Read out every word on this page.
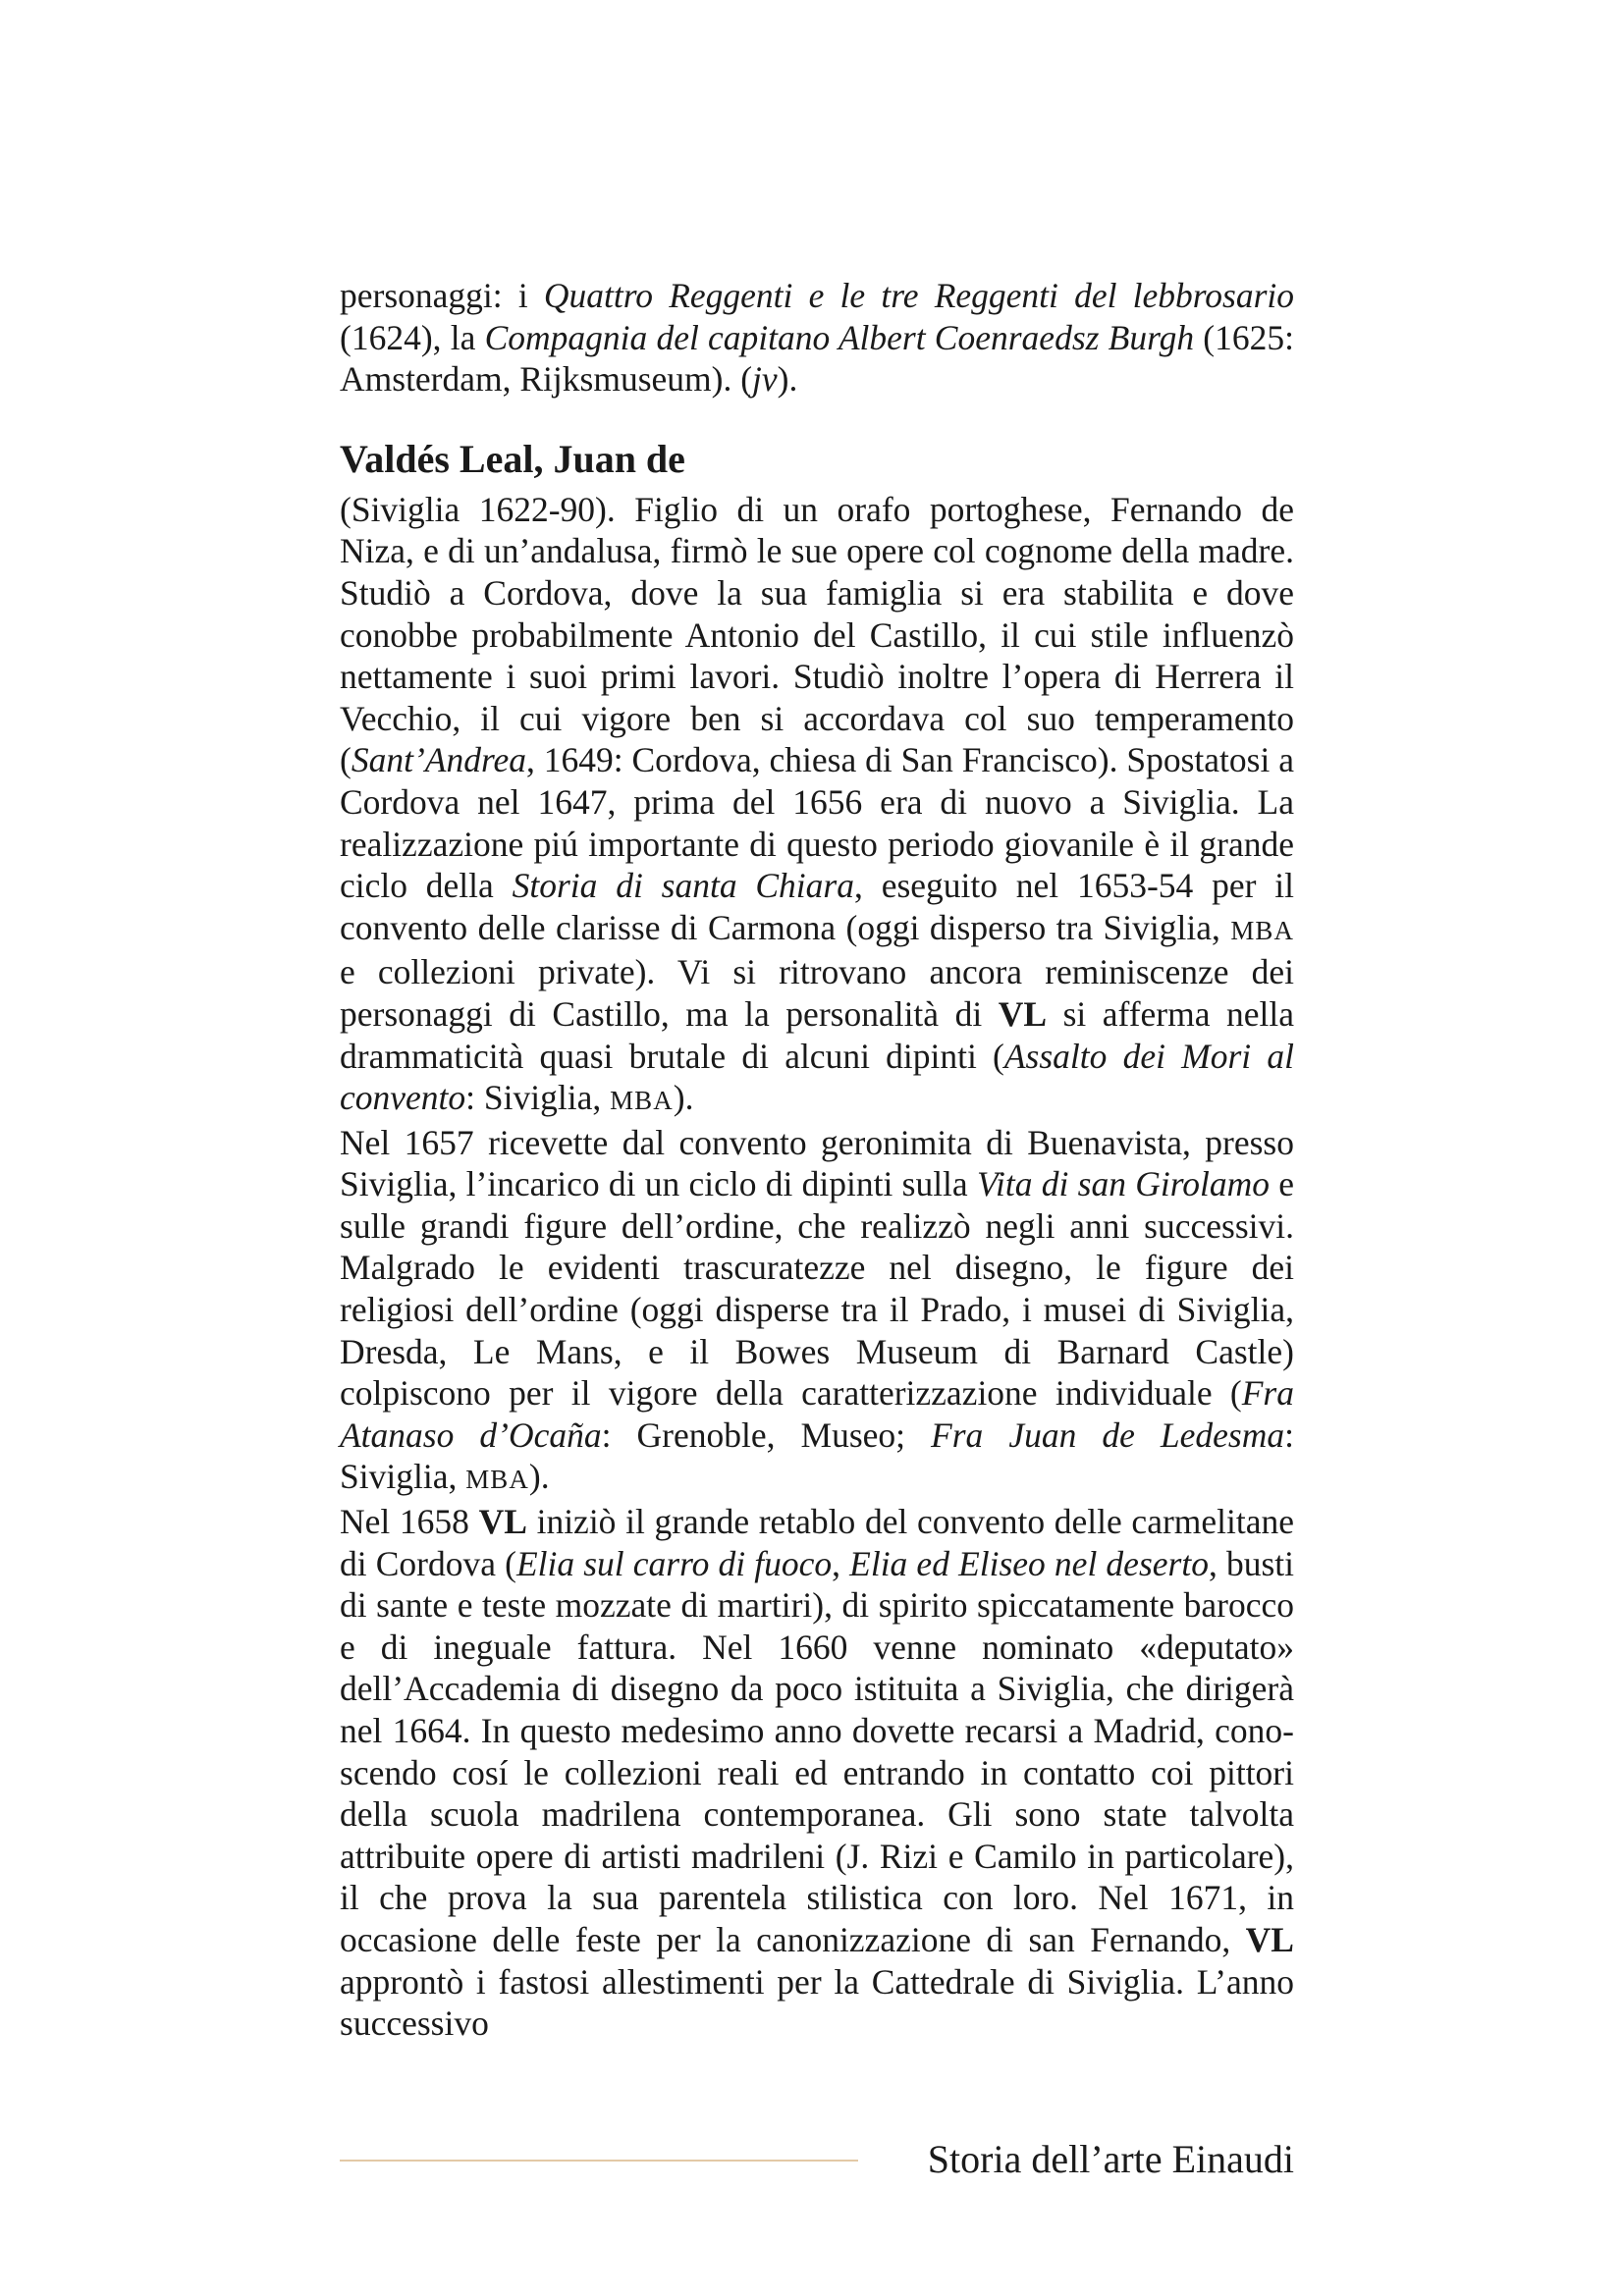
personaggi: i Quattro Reggenti e le tre Reggenti del lebbrosario (1624), la Compagnia del capitano Albert Coenraedsz Burgh (1625: Amsterdam, Rijksmuseum). (jv).

Valdés Leal, Juan de

(Siviglia 1622-90). Figlio di un orafo portoghese, Fernando de Niza, e di un’andalusa, firmò le sue opere col cognome della madre. Studiò a Cordova, dove la sua famiglia si era stabilita e dove conobbe probabilmente Antonio del Castillo, il cui stile influenzò nettamente i suoi primi lavori. Studiò inoltre l’opera di Herrera il Vecchio, il cui vigore ben si accordava col suo temperamento (Sant’Andrea, 1649: Cordova, chiesa di San Francisco). Spostatosi a Cordova nel 1647, prima del 1656 era di nuovo a Siviglia. La realizzazione piú importante di questo periodo giovanile è il grande ciclo della Storia di santa Chiara, eseguito nel 1653-54 per il convento delle clarisse di Carmona (oggi disperso tra Siviglia, MBA e collezioni private). Vi si ritrovano ancora reminiscenze dei personaggi di Castillo, ma la personalità di VL si afferma nella drammaticità quasi brutale di alcuni dipinti (Assalto dei Mori al convento: Siviglia, MBA).

Nel 1657 ricevette dal convento geronimita di Buenavista, presso Siviglia, l’incarico di un ciclo di dipinti sulla Vita di san Girolamo e sulle grandi figure dell’ordine, che realizzò negli anni successivi. Malgrado le evidenti trascuratezze nel disegno, le figure dei religiosi dell’ordine (oggi disperse tra il Prado, i musei di Siviglia, Dresda, Le Mans, e il Bowes Museum di Barnard Castle) colpiscono per il vigore della caratterizzazione individuale (Fra Atanaso d’Ocaña: Grenoble, Museo; Fra Juan de Ledesma: Siviglia, MBA).

Nel 1658 VL iniziò il grande retablo del convento delle carmelitane di Cordova (Elia sul carro di fuoco, Elia ed Eliseo nel deserto, busti di sante e teste mozzate di martiri), di spirito spiccatamente barocco e di ineguale fattura. Nel 1660 venne nominato «deputato» dell’Accademia di disegno da poco istituita a Siviglia, che dirigerà nel 1664. In questo medesimo anno dovette recarsi a Madrid, conoscendo cosí le collezioni reali ed entrando in contatto coi pittori della scuola madrilena contemporanea. Gli sono state talvolta attribuite opere di artisti madrileni (J. Rizi e Camilo in particolare), il che prova la sua parentela stilistica con loro. Nel 1671, in occasione delle feste per la canonizzazione di san Fernando, VL approntò i fastosi allestimenti per la Cattedrale di Siviglia. L’anno successivo

Storia dell’arte Einaudi
